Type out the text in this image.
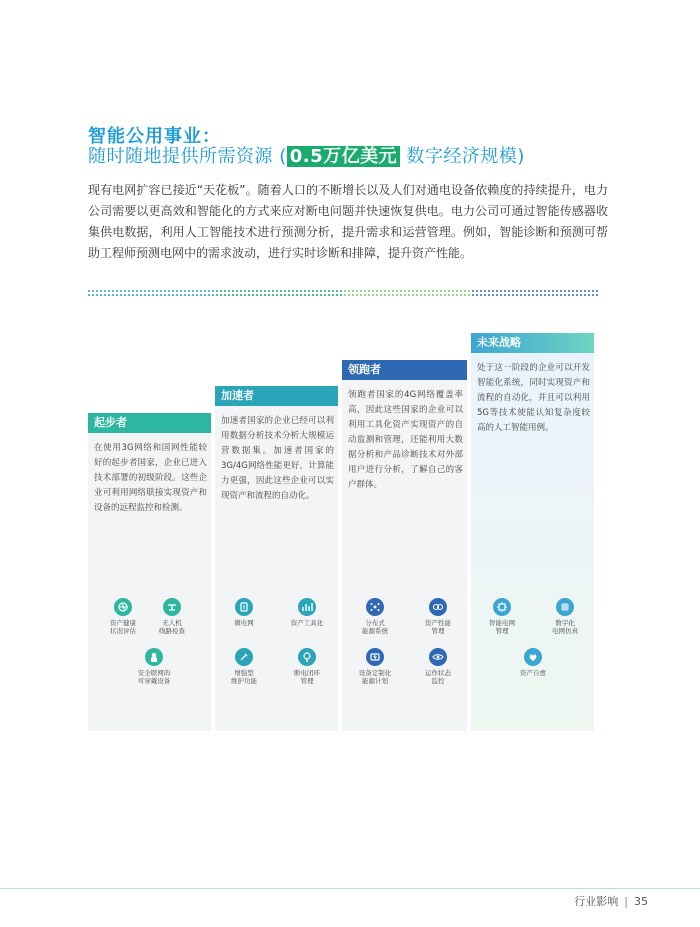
智能公用事业：
随时随地提供所需资源 ( 0.5万亿美元 数字经济规模)
现有电网扩容已接近“天花板”。随着人口的不断增长以及人们对通电设备依赖度的持续提升，电力公司需要以更高效和智能化的方式来应对断电问题并快速恢复供电。电力公司可通过智能传感器收集供电数据，利用人工智能技术进行预测分析，提升需求和运营管理。例如，智能诊断和预测可帮助工程师预测电网中的需求波动，进行实时诊断和排障，提升资产性能。
起步者
在使用3G网络和国网性能较好的起步者国家，企业已进入技术部署的初级阶段。这些企业可利用网络联接实现资产和设备的远程监控和检测。
加速者
加速者国家的企业已经可以利用数据分析技术分析大规模运营数据集。加速者国家的3G/4G网络性能更好，计算能力更强，因此这些企业可以实现资产和流程的自动化。
领跑者
领跑者国家的4G网络覆盖率高，因此这些国家的企业可以利用工具化资产实现资产的自动监测和管理，还能利用大数据分析和产品诊断技术对外部用户进行分析，了解自己的客户群体。
未来战略
处于这一阶段的企业可以开发智能化系统，同时实现资产和流程的自动化，并且可以利用5G等技术使能认知复杂度较高的人工智能用例。
资产健康
状况评估
无人机
线路检查
安全联网的
可穿戴设备
微电网	资产工具化
增强型
维护功能
断电闭环
管理
分布式
能源系统
资产性能
管理
设备定制化
能源计划
运作状态
监控
智能电网
管理
数字化
电网仿真
资产自愈
行业影响 | 35
